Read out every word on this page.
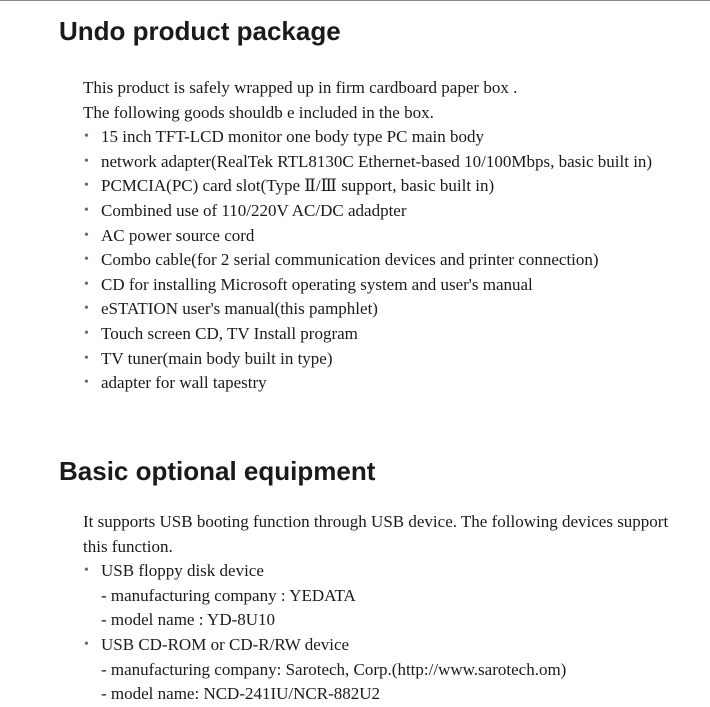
Undo product package

This product is safely wrapped up in firm cardboard paper box .

The following goods shouldb e included in the box.

• 15 inch TFT-LCD monitor one body type PC main body
• network adapter(RealTek RTL8130C Ethernet-based 10/100Mbps, basic built in)
• PCMCIA(PC) card slot(Type Ⅱ/Ⅲ support, basic built in)
• Combined use of 110/220V AC/DC adadpter
• AC power source cord
• Combo cable(for 2 serial communication devices and printer connection)
• CD for installing Microsoft operating system and user's manual
• eSTATION user's manual(this pamphlet)
• Touch screen CD, TV Install program
• TV tuner(main body built in type)
• adapter for wall tapestry
Basic optional equipment

It supports USB booting function through USB device. The following devices support this function.

• USB floppy disk device
- manufacturing company : YEDATA
- model name : YD-8U10
• USB CD-ROM or CD-R/RW device
- manufacturing company: Sarotech, Corp.(http://www.sarotech.om)
- model name: NCD-241IU/NCR-882U2
